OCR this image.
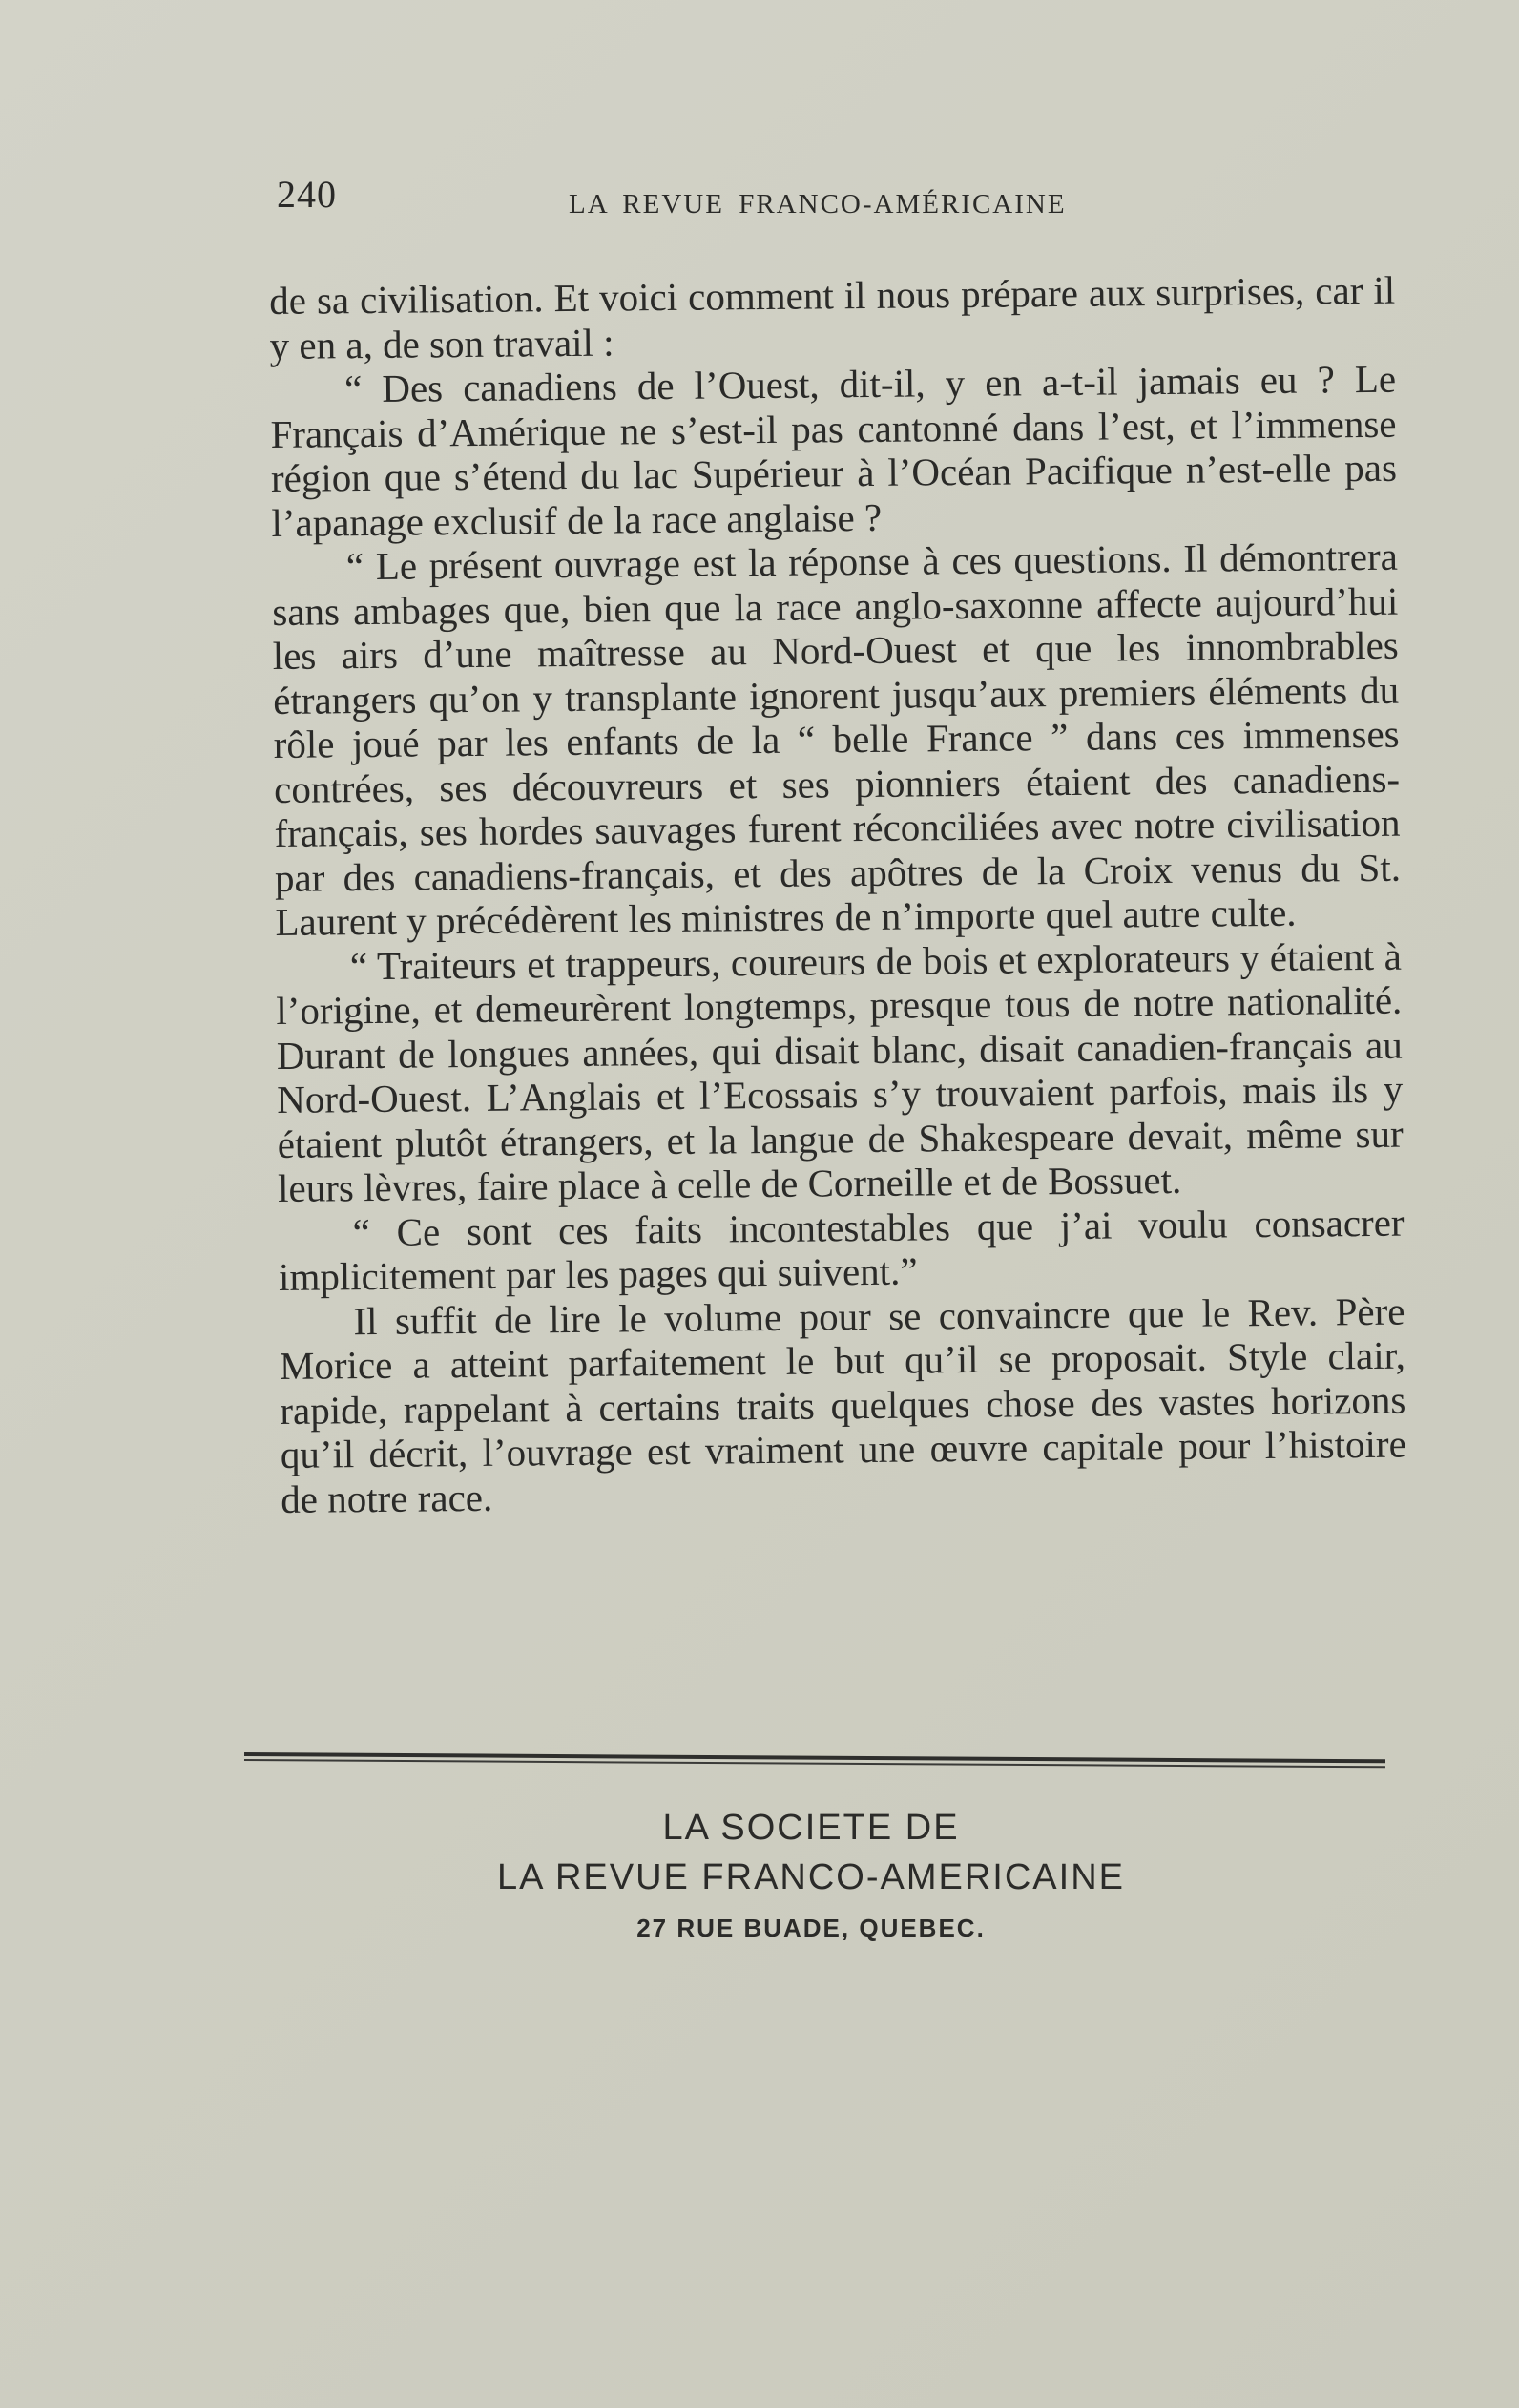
240	LA REVUE FRANCO-AMÉRICAINE

de sa civilisation. Et voici comment il nous prépare aux surprises, car il y en a, de son travail :

“ Des canadiens de l’Ouest, dit-il, y en a-t-il jamais eu ? Le Français d’Amérique ne s’est-il pas cantonné dans l’est, et l’immense région que s’étend du lac Supérieur à l’Océan Pacifique n’est-elle pas l’apanage exclusif de la race anglaise ?

“ Le présent ouvrage est la réponse à ces questions. Il démontrera sans ambages que, bien que la race anglo-saxonne affecte aujourd’hui les airs d’une maîtresse au Nord-Ouest et que les innombrables étrangers qu’on y transplante ignorent jusqu’aux premiers éléments du rôle joué par les enfants de la “ belle France ” dans ces immenses contrées, ses découvreurs et ses pionniers étaient des canadiens-français, ses hordes sauvages furent réconciliées avec notre civilisation par des canadiens-français, et des apôtres de la Croix venus du St. Laurent y précédèrent les ministres de n’importe quel autre culte.

“ Traiteurs et trappeurs, coureurs de bois et explorateurs y étaient à l’origine, et demeurèrent longtemps, presque tous de notre nationalité. Durant de longues années, qui disait blanc, disait canadien-français au Nord-Ouest. L’Anglais et l’Ecossais s’y trouvaient parfois, mais ils y étaient plutôt étrangers, et la langue de Shakespeare devait, même sur leurs lèvres, faire place à celle de Corneille et de Bossuet.

“ Ce sont ces faits incontestables que j’ai voulu consacrer implicitement par les pages qui suivent.”

Il suffit de lire le volume pour se convaincre que le Rev. Père Morice a atteint parfaitement le but qu’il se proposait. Style clair, rapide, rappelant à certains traits quelques chose des vastes horizons qu’il décrit, l’ouvrage est vraiment une œuvre capitale pour l’histoire de notre race.

LA SOCIETE DE
LA REVUE FRANCO-AMERICAINE
27 RUE BUADE, QUEBEC.
